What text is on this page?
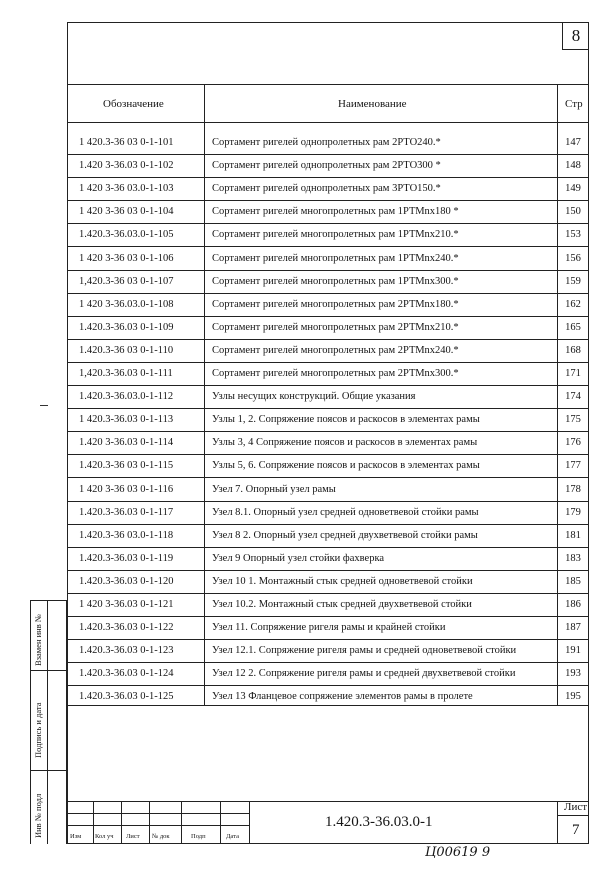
8
Обозначение	Наименование	Стр
1 420.3-36 03 0-1-101	Сортамент ригелей однопролетных рам 2РТО240.*	147
1.420 3-36.03 0-1-102	Сортамент ригелей однопролетных рам 2РТО300 *	148
1 420 3-36 03.0-1-103	Сортамент ригелей однопролетных рам 3РТО150.*	149
1 420 3-36 03 0-1-104	Сортамент ригелей многопролетных рам 1РТМnх180 *	150
1.420.3-36.03.0-1-105	Сортамент ригелей многопролетных рам 1РТМnх210.*	153
1 420 3-36 03 0-1-106	Сортамент ригелей многопролетных рам 1РТМnх240.*	156
1,420.3-36 03 0-1-107	Сортамент ригелей многопролетных рам 1РТМnх300.*	159
1 420 3-36.03.0-1-108	Сортамент ригелей многопролетных рам 2РТМnх180.*	162
1.420.3-36.03 0-1-109	Сортамент ригелей многопролетных рам 2РТМnх210.*	165
1.420.3-36 03 0-1-110	Сортамент ригелей многопролетных рам 2РТМnх240.*	168
1,420.3-36.03 0-1-111	Сортамент ригелей многопролетных рам 2РТМnх300.*	171
1.420.3-36.03.0-1-112	Узлы несущих конструкций. Общие указания	174
1 420.3-36.03 0-1-113	Узлы 1, 2. Сопряжение поясов и раскосов в элементах рамы	175
1.420 3-36.03 0-1-114	Узлы 3, 4 Сопряжение поясов и раскосов в элементах рамы	176
1.420.3-36 03 0-1-115	Узлы 5, 6. Сопряжение поясов и раскосов в элементах рамы	177
1 420 3-36 03 0-1-116	Узел 7. Опорный узел рамы	178
1.420.3-36.03 0-1-117	Узел 8.1. Опорный узел средней одноветвевой стойки рамы	179
1.420.3-36 03.0-1-118	Узел 8 2. Опорный узел средней двухветвевой стойки рамы	181
1.420.3-36.03 0-1-119	Узел 9 Опорный узел стойки фахверка	183
1.420.3-36.03 0-1-120	Узел 10 1. Монтажный стык средней одноветвевой стойки	185
1 420 3-36.03 0-1-121	Узел 10.2. Монтажный стык средней двухветвевой стойки	186
1.420.3-36.03 0-1-122	Узел 11. Сопряжение ригеля рамы и крайней стойки	187
1.420.3-36.03 0-1-123	Узел 12.1. Сопряжение ригеля рамы и средней одноветвевой стойки	191
1.420.3-36.03 0-1-124	Узел 12 2. Сопряжение ригеля рамы и средней двухветвевой стойки	193
1.420.3-36.03 0-1-125	Узел 13 Фланцевое сопряжение элементов рамы в пролете	195
Взамен инв №
Подпись и дата
Инв № подл	Изм Кол уч Лист № док	Подп	Дата
1.420.3-36.03.0-1
Лист
7
Ц00619 9
